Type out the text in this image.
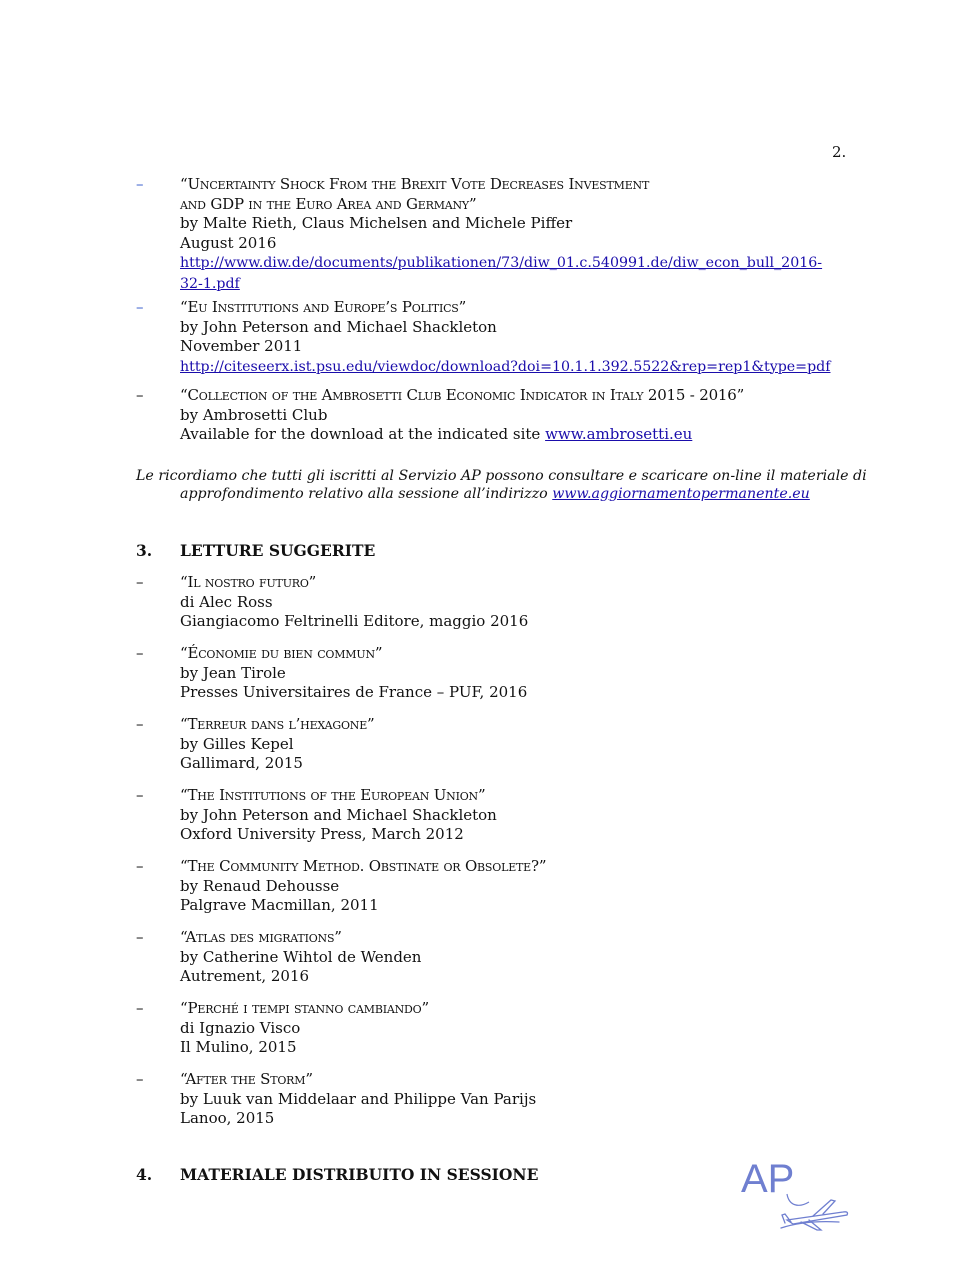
2.
– “Uncertainty Shock From the Brexit Vote Decreases Investment
and GDP in the Euro Area and Germany”
by Malte Rieth, Claus Michelsen and Michele Piffer
August 2016
http://www.diw.de/documents/publikationen/73/diw_01.c.540991.de/diw_econ_bull_2016-
32-1.pdf
– “Eu Institutions and Europe’s Politics”
by John Peterson and Michael Shackleton
November 2011
http://citeseerx.ist.psu.edu/viewdoc/download?doi=10.1.1.392.5522&rep=rep1&type=pdf
– “Collection of the Ambrosetti Club Economic Indicator in Italy 2015 - 2016”
by Ambrosetti Club
Available for the download at the indicated site www.ambrosetti.eu
Le ricordiamo che tutti gli iscritti al Servizio AP possono consultare e scaricare on-line il materiale di
approfondimento relativo alla sessione all’indirizzo www.aggiornamentopermanente.eu
3. LETTURE SUGGERITE
– “Il nostro futuro”
di Alec Ross
Giangiacomo Feltrinelli Editore, maggio 2016
– “Économie du bien commun”
by Jean Tirole
Presses Universitaires de France – PUF, 2016
– “Terreur dans l’hexagone”
by Gilles Kepel
Gallimard, 2015
– “The Institutions of the European Union”
by John Peterson and Michael Shackleton
Oxford University Press, March 2012
– “The Community Method. Obstinate or Obsolete?”
by Renaud Dehousse
Palgrave Macmillan, 2011
– “Atlas des migrations”
by Catherine Wihtol de Wenden
Autrement, 2016
– “Perché i tempi stanno cambiando”
di Ignazio Visco
Il Mulino, 2015
– “After the Storm”
by Luuk van Middelaar and Philippe Van Parijs
Lanoo, 2015
4. MATERIALE DISTRIBUITO IN SESSIONE	AP
